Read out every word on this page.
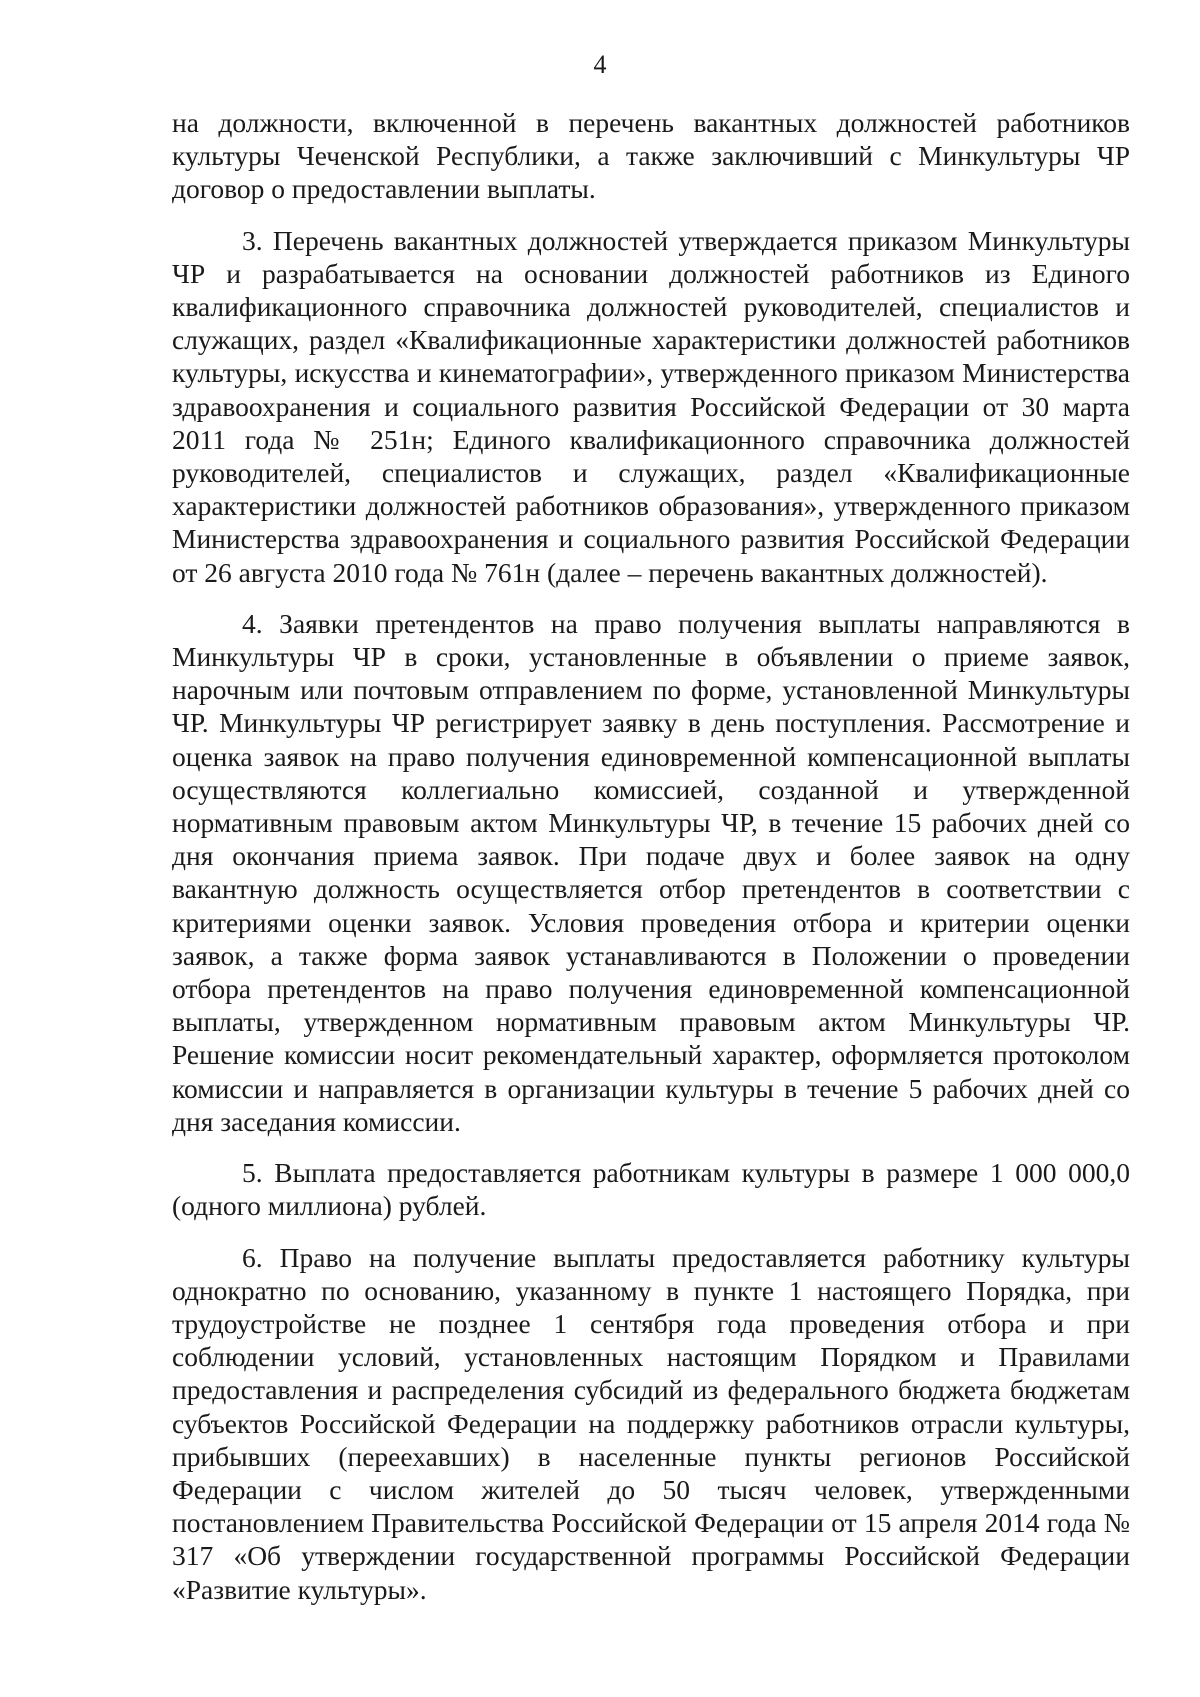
4

на должности, включенной в перечень вакантных должностей работников культуры Чеченской Республики, а также заключивший с Минкультуры ЧР договор о предоставлении выплаты.

3. Перечень вакантных должностей утверждается приказом Минкультуры ЧР и разрабатывается на основании должностей работников из Единого квалификационного справочника должностей руководителей, специалистов и служащих, раздел «Квалификационные характеристики должностей работников культуры, искусства и кинематографии», утвержденного приказом Министерства здравоохранения и социального развития Российской Федерации от 30 марта 2011 года № 251н; Единого квалификационного справочника должностей руководителей, специалистов и служащих, раздел «Квалификационные характеристики должностей работников образования», утвержденного приказом Министерства здравоохранения и социального развития Российской Федерации от 26 августа 2010 года № 761н (далее – перечень вакантных должностей).

4. Заявки претендентов на право получения выплаты направляются в Минкультуры ЧР в сроки, установленные в объявлении о приеме заявок, нарочным или почтовым отправлением по форме, установленной Минкультуры ЧР. Минкультуры ЧР регистрирует заявку в день поступления. Рассмотрение и оценка заявок на право получения единовременной компенсационной выплаты осуществляются коллегиально комиссией, созданной и утвержденной нормативным правовым актом Минкультуры ЧР, в течение 15 рабочих дней со дня окончания приема заявок. При подаче двух и более заявок на одну вакантную должность осуществляется отбор претендентов в соответствии с критериями оценки заявок. Условия проведения отбора и критерии оценки заявок, а также форма заявок устанавливаются в Положении о проведении отбора претендентов на право получения единовременной компенсационной выплаты, утвержденном нормативным правовым актом Минкультуры ЧР. Решение комиссии носит рекомендательный характер, оформляется протоколом комиссии и направляется в организации культуры в течение 5 рабочих дней со дня заседания комиссии.

5. Выплата предоставляется работникам культуры в размере 1 000 000,0 (одного миллиона) рублей.

6. Право на получение выплаты предоставляется работнику культуры однократно по основанию, указанному в пункте 1 настоящего Порядка, при трудоустройстве не позднее 1 сентября года проведения отбора и при соблюдении условий, установленных настоящим Порядком и Правилами предоставления и распределения субсидий из федерального бюджета бюджетам субъектов Российской Федерации на поддержку работников отрасли культуры, прибывших (переехавших) в населенные пункты регионов Российской Федерации с числом жителей до 50 тысяч человек, утвержденными постановлением Правительства Российской Федерации от 15 апреля 2014 года № 317 «Об утверждении государственной программы Российской Федерации «Развитие культуры».
